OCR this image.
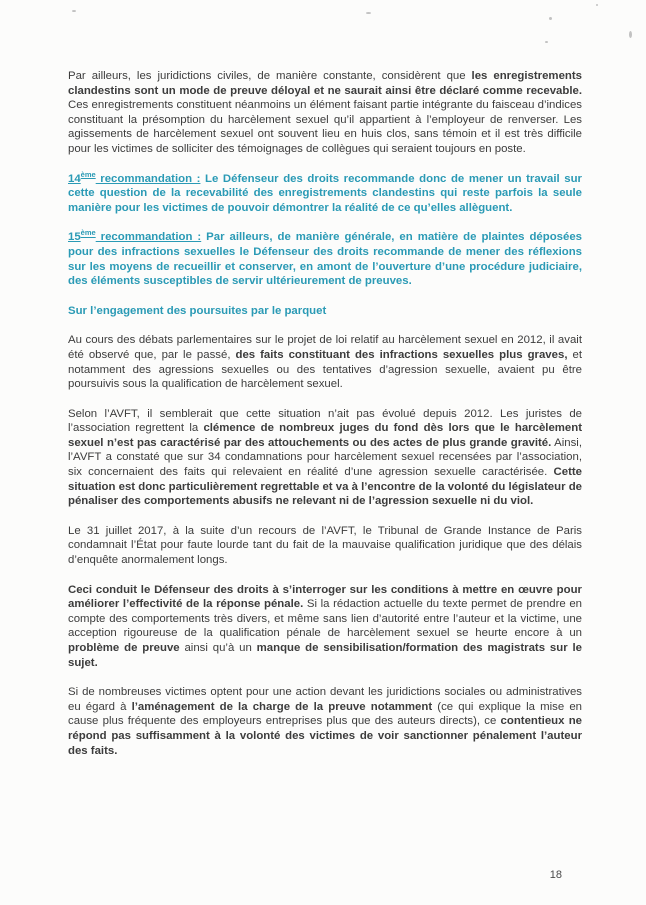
Par ailleurs, les juridictions civiles, de manière constante, considèrent que les enregistrements clandestins sont un mode de preuve déloyal et ne saurait ainsi être déclaré comme recevable. Ces enregistrements constituent néanmoins un élément faisant partie intégrante du faisceau d’indices constituant la présomption du harcèlement sexuel qu’il appartient à l’employeur de renverser. Les agissements de harcèlement sexuel ont souvent lieu en huis clos, sans témoin et il est très difficile pour les victimes de solliciter des témoignages de collègues qui seraient toujours en poste.

14ème recommandation : Le Défenseur des droits recommande donc de mener un travail sur cette question de la recevabilité des enregistrements clandestins qui reste parfois la seule manière pour les victimes de pouvoir démontrer la réalité de ce qu’elles allèguent.

15ème recommandation : Par ailleurs, de manière générale, en matière de plaintes déposées pour des infractions sexuelles le Défenseur des droits recommande de mener des réflexions sur les moyens de recueillir et conserver, en amont de l’ouverture d’une procédure judiciaire, des éléments susceptibles de servir ultérieurement de preuves.

Sur l’engagement des poursuites par le parquet

Au cours des débats parlementaires sur le projet de loi relatif au harcèlement sexuel en 2012, il avait été observé que, par le passé, des faits constituant des infractions sexuelles plus graves, et notamment des agressions sexuelles ou des tentatives d’agression sexuelle, avaient pu être poursuivis sous la qualification de harcèlement sexuel.

Selon l’AVFT, il semblerait que cette situation n’ait pas évolué depuis 2012. Les juristes de l’association regrettent la clémence de nombreux juges du fond dès lors que le harcèlement sexuel n’est pas caractérisé par des attouchements ou des actes de plus grande gravité. Ainsi, l’AVFT a constaté que sur 34 condamnations pour harcèlement sexuel recensées par l’association, six concernaient des faits qui relevaient en réalité d’une agression sexuelle caractérisée. Cette situation est donc particulièrement regrettable et va à l’encontre de la volonté du législateur de pénaliser des comportements abusifs ne relevant ni de l’agression sexuelle ni du viol.

Le 31 juillet 2017, à la suite d’un recours de l’AVFT, le Tribunal de Grande Instance de Paris condamnait l’État pour faute lourde tant du fait de la mauvaise qualification juridique que des délais d’enquête anormalement longs.

Ceci conduit le Défenseur des droits à s’interroger sur les conditions à mettre en œuvre pour améliorer l’effectivité de la réponse pénale. Si la rédaction actuelle du texte permet de prendre en compte des comportements très divers, et même sans lien d’autorité entre l’auteur et la victime, une acception rigoureuse de la qualification pénale de harcèlement sexuel se heurte encore à un problème de preuve ainsi qu’à un manque de sensibilisation/formation des magistrats sur le sujet.

Si de nombreuses victimes optent pour une action devant les juridictions sociales ou administratives eu égard à l’aménagement de la charge de la preuve notamment (ce qui explique la mise en cause plus fréquente des employeurs entreprises plus que des auteurs directs), ce contentieux ne répond pas suffisamment à la volonté des victimes de voir sanctionner pénalement l’auteur des faits.

18
